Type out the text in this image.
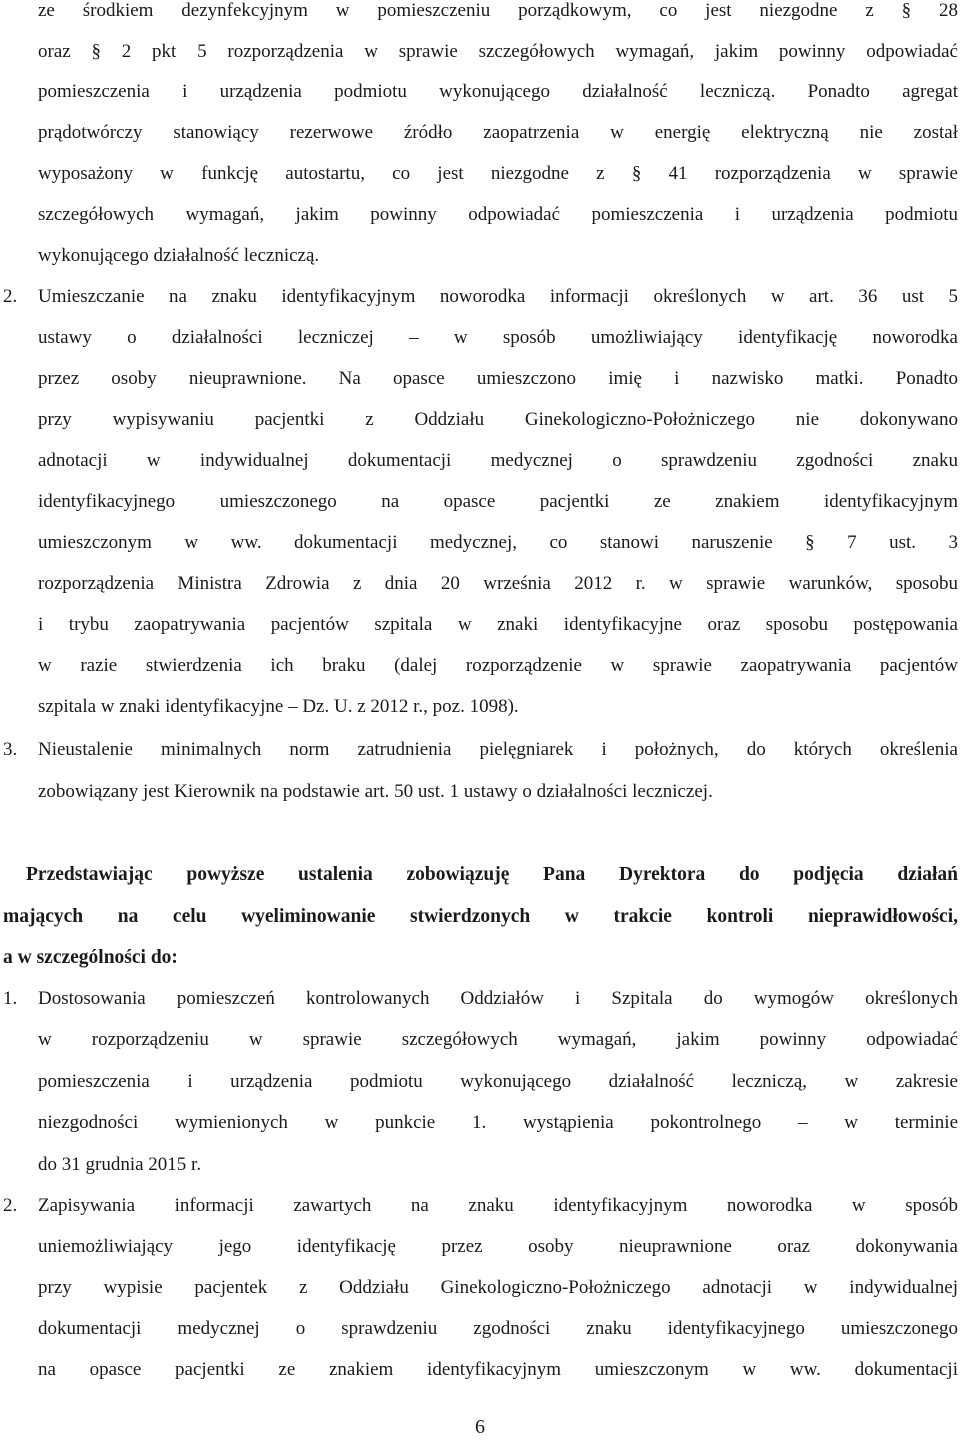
ze środkiem dezynfekcyjnym w pomieszczeniu porządkowym, co jest niezgodne z § 28
oraz § 2 pkt 5 rozporządzenia w sprawie szczegółowych wymagań, jakim powinny odpowiadać
pomieszczenia i urządzenia podmiotu wykonującego działalność leczniczą. Ponadto agregat
prądotwórczy stanowiący rezerwowe źródło zaopatrzenia w energię elektryczną nie został
wyposażony w funkcję autostartu, co jest niezgodne z § 41 rozporządzenia w sprawie
szczegółowych wymagań, jakim powinny odpowiadać pomieszczenia i urządzenia podmiotu
wykonującego działalność leczniczą.
2. Umieszczanie na znaku identyfikacyjnym noworodka informacji określonych w art. 36 ust 5
ustawy o działalności leczniczej – w sposób umożliwiający identyfikację noworodka
przez osoby nieuprawnione. Na opasce umieszczono imię i nazwisko matki. Ponadto
przy wypisywaniu pacjentki z Oddziału Ginekologiczno-Położniczego nie dokonywano
adnotacji w indywidualnej dokumentacji medycznej o sprawdzeniu zgodności znaku
identyfikacyjnego umieszczonego na opasce pacjentki ze znakiem identyfikacyjnym
umieszczonym w ww. dokumentacji medycznej, co stanowi naruszenie § 7 ust. 3
rozporządzenia Ministra Zdrowia z dnia 20 września 2012 r. w sprawie warunków, sposobu
i trybu zaopatrywania pacjentów szpitala w znaki identyfikacyjne oraz sposobu postępowania
w razie stwierdzenia ich braku (dalej rozporządzenie w sprawie zaopatrywania pacjentów
szpitala w znaki identyfikacyjne – Dz. U. z 2012 r., poz. 1098).
3. Nieustalenie minimalnych norm zatrudnienia pielęgniarek i położnych, do których określenia
zobowiązany jest Kierownik na podstawie art. 50 ust. 1 ustawy o działalności leczniczej.
Przedstawiając powyższe ustalenia zobowiązuję Pana Dyrektora do podjęcia działań
mających na celu wyeliminowanie stwierdzonych w trakcie kontroli nieprawidłowości,
a w szczególności do:
1. Dostosowania pomieszczeń kontrolowanych Oddziałów i Szpitala do wymogów określonych
w rozporządzeniu w sprawie szczegółowych wymagań, jakim powinny odpowiadać
pomieszczenia i urządzenia podmiotu wykonującego działalność leczniczą, w zakresie
niezgodności wymienionych w punkcie 1. wystąpienia pokontrolnego – w terminie
do 31 grudnia 2015 r.
2. Zapisywania informacji zawartych na znaku identyfikacyjnym noworodka w sposób
uniemożliwiający jego identyfikację przez osoby nieuprawnione oraz dokonywania
przy wypisie pacjentek z Oddziału Ginekologiczno-Położniczego adnotacji w indywidualnej
dokumentacji medycznej o sprawdzeniu zgodności znaku identyfikacyjnego umieszczonego
na opasce pacjentki ze znakiem identyfikacyjnym umieszczonym w ww. dokumentacji
6
